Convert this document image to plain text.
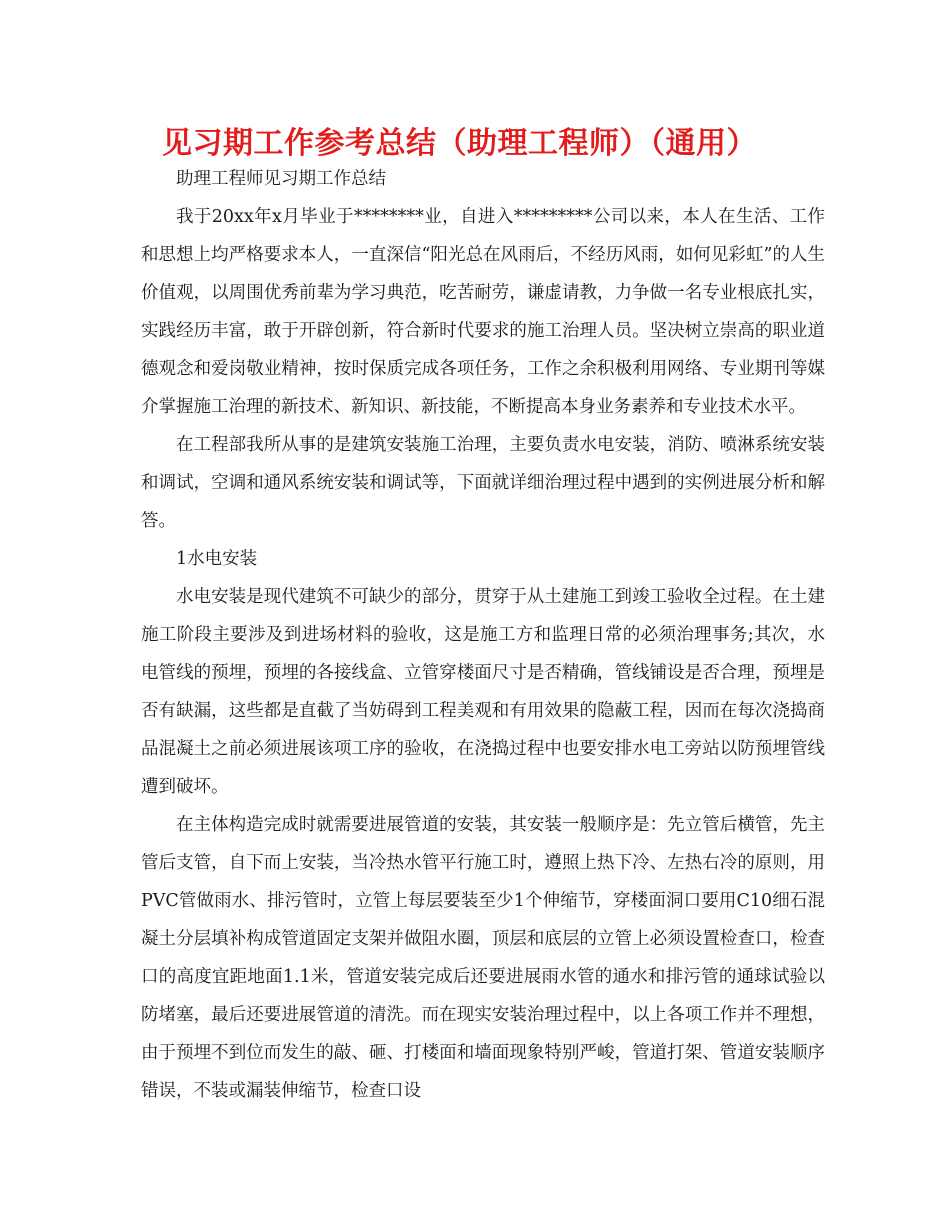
见习期工作参考总结（助理工程师）（通用）

助理工程师见习期工作总结

我于20xx年x月毕业于********业，自进入*********公司以来，本人在生活、工作和思想上均严格要求本人，一直深信“阳光总在风雨后，不经历风雨，如何见彩虹”的人生价值观，以周围优秀前辈为学习典范，吃苦耐劳，谦虚请教，力争做一名专业根底扎实，实践经历丰富，敢于开辟创新，符合新时代要求的施工治理人员。坚决树立崇高的职业道德观念和爱岗敬业精神，按时保质完成各项任务，工作之余积极利用网络、专业期刊等媒介掌握施工治理的新技术、新知识、新技能，不断提高本身业务素养和专业技术水平。

在工程部我所从事的是建筑安装施工治理，主要负责水电安装，消防、喷淋系统安装和调试，空调和通风系统安装和调试等，下面就详细治理过程中遇到的实例进展分析和解答。

1水电安装

水电安装是现代建筑不可缺少的部分，贯穿于从土建施工到竣工验收全过程。在土建施工阶段主要涉及到进场材料的验收，这是施工方和监理日常的必须治理事务;其次，水电管线的预埋，预埋的各接线盒、立管穿楼面尺寸是否精确，管线铺设是否合理，预埋是否有缺漏，这些都是直截了当妨碍到工程美观和有用效果的隐蔽工程，因而在每次浇捣商品混凝土之前必须进展该项工序的验收，在浇捣过程中也要安排水电工旁站以防预埋管线遭到破坏。

在主体构造完成时就需要进展管道的安装，其安装一般顺序是：先立管后横管，先主管后支管，自下而上安装，当冷热水管平行施工时，遵照上热下冷、左热右冷的原则，用PVC管做雨水、排污管时，立管上每层要装至少1个伸缩节，穿楼面洞口要用C10细石混凝土分层填补构成管道固定支架并做阻水圈，顶层和底层的立管上必须设置检查口，检查口的高度宜距地面1.1米，管道安装完成后还要进展雨水管的通水和排污管的通球试验以防堵塞，最后还要进展管道的清洗。而在现实安装治理过程中，以上各项工作并不理想，由于预埋不到位而发生的敲、砸、打楼面和墙面现象特别严峻，管道打架、管道安装顺序错误，不装或漏装伸缩节，检查口设
